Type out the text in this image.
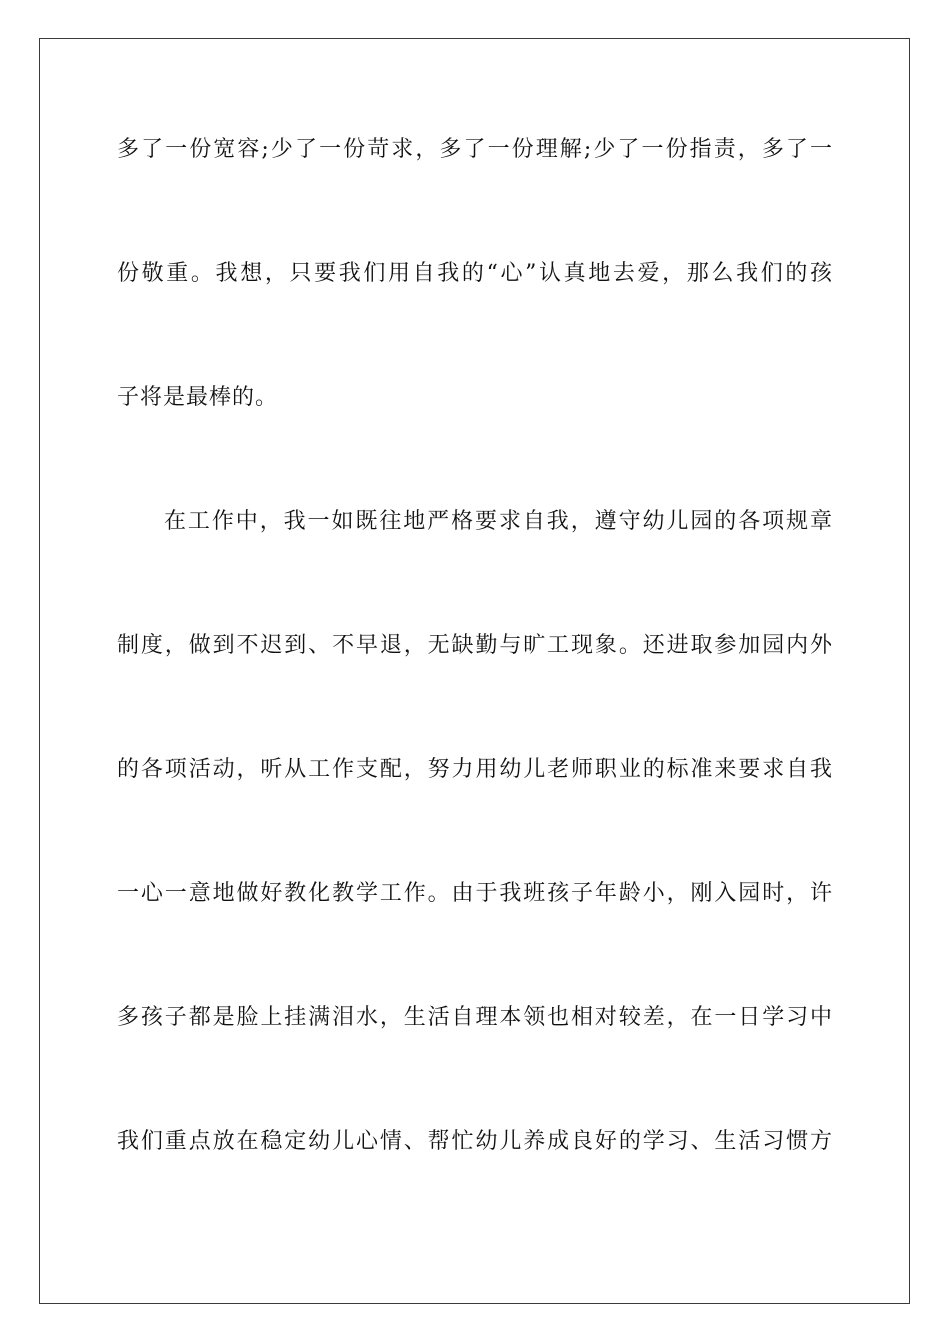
多了一份宽容;少了一份苛求，多了一份理解;少了一份指责，多了一
份敬重。我想，只要我们用自我的“心”认真地去爱，那么我们的孩
子将是最棒的。
在工作中，我一如既往地严格要求自我，遵守幼儿园的各项规章
制度，做到不迟到、不早退，无缺勤与旷工现象。还进取参加园内外
的各项活动，听从工作支配，努力用幼儿老师职业的标准来要求自我
一心一意地做好教化教学工作。由于我班孩子年龄小，刚入园时，许
多孩子都是脸上挂满泪水，生活自理本领也相对较差，在一日学习中
我们重点放在稳定幼儿心情、帮忙幼儿养成良好的学习、生活习惯方
